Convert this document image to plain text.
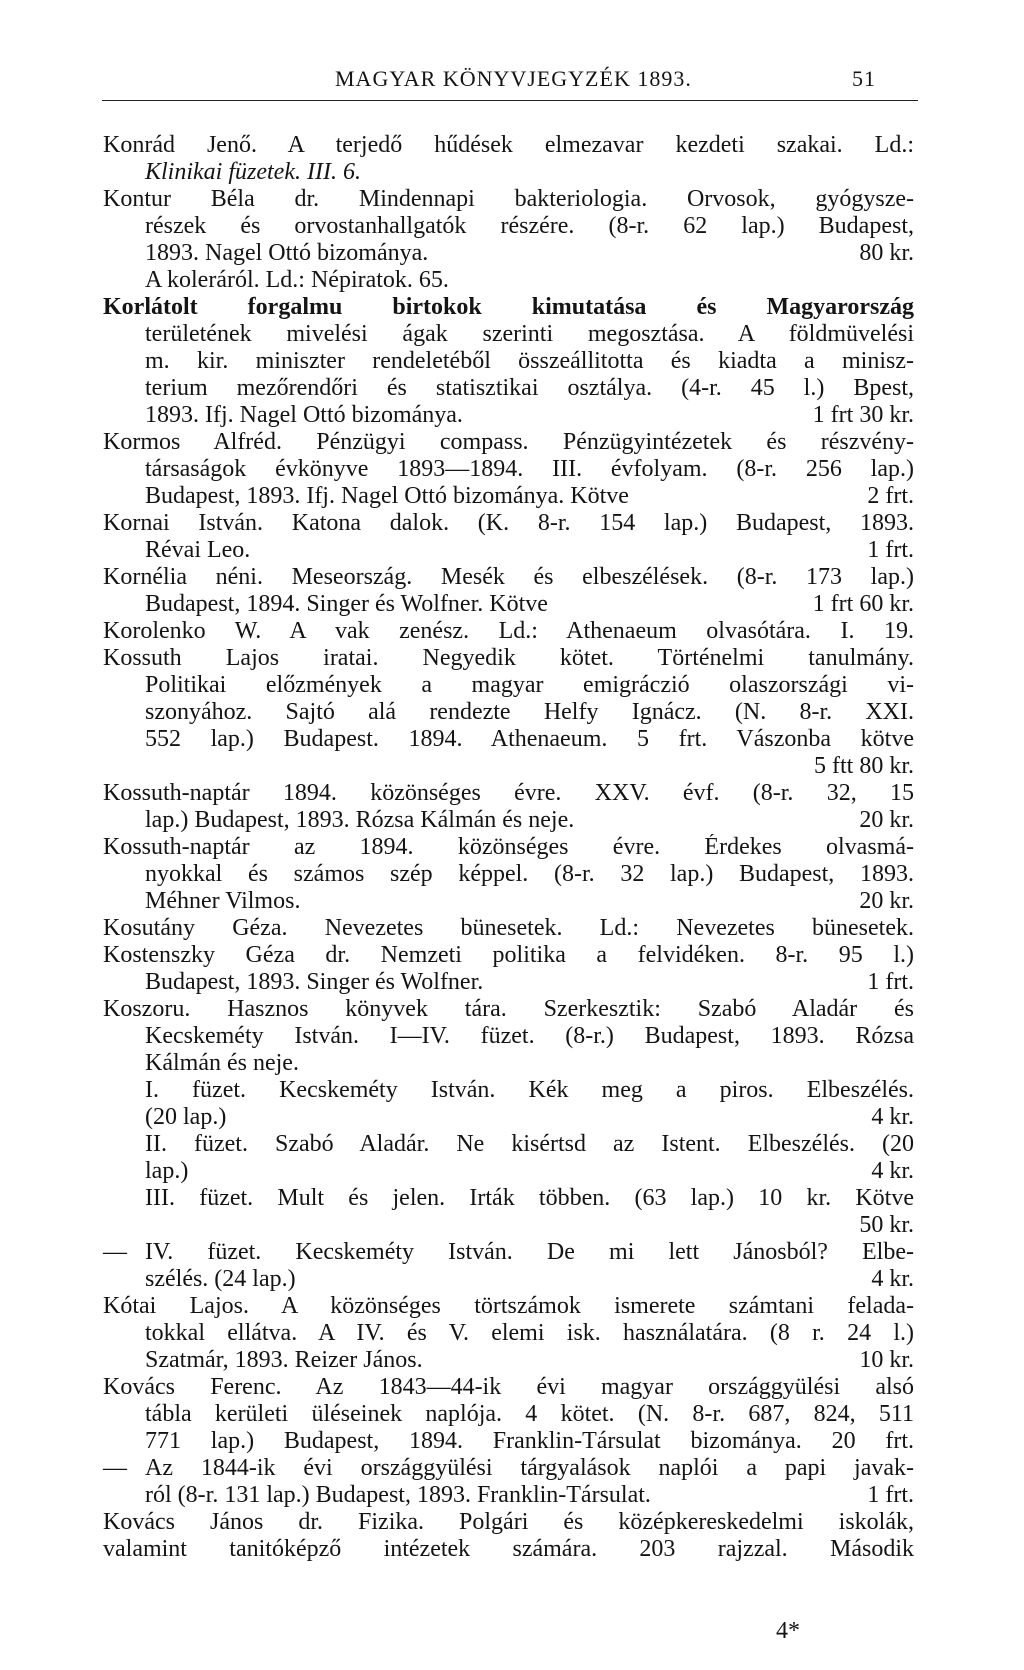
MAGYAR KÖNYVJEGYZÉK 1893.	51
Konrád Jenő. A terjedő hűdések elmezavar kezdeti szakai. Ld.:
Klinikai füzetek. III. 6.
Kontur Béla dr. Mindennapi bakteriologia. Orvosok, gyógysze-
részek és orvostanhallgatók részére. (8-r. 62 lap.) Budapest,
1893. Nagel Ottó bizománya.	80 kr.
A koleráról. Ld.: Népiratok. 65.
Korlátolt forgalmu birtokok kimutatása és Magyarország
területének mivelési ágak szerinti megosztása. A földmüvelési
m. kir. miniszter rendeletéből összeállitotta és kiadta a minisz-
terium mezőrendőri és statisztikai osztálya. (4-r. 45 l.) Bpest,
1893. Ifj. Nagel Ottó bizománya.	1 frt 30 kr.
Kormos Alfréd. Pénzügyi compass. Pénzügyintézetek és részvény-
társaságok évkönyve 1893—1894. III. évfolyam. (8-r. 256 lap.)
Budapest, 1893. Ifj. Nagel Ottó bizománya. Kötve	2 frt.
Kornai István. Katona dalok. (K. 8-r. 154 lap.) Budapest, 1893.
Révai Leo.	1 frt.
Kornélia néni. Meseország. Mesék és elbeszélések. (8-r. 173 lap.)
Budapest, 1894. Singer és Wolfner. Kötve	1 frt 60 kr.
Korolenko W. A vak zenész. Ld.: Athenaeum olvasótára. I. 19.
Kossuth Lajos iratai. Negyedik kötet. Történelmi tanulmány.
Politikai előzmények a magyar emigráczió olaszországi vi-
szonyához. Sajtó alá rendezte Helfy Ignácz. (N. 8-r. XXI.
552 lap.) Budapest. 1894. Athenaeum. 5 frt. Vászonba kötve
5 ftt 80 kr.
Kossuth-naptár 1894. közönséges évre. XXV. évf. (8-r. 32, 15
lap.) Budapest, 1893. Rózsa Kálmán és neje.	20 kr.
Kossuth-naptár az 1894. közönséges évre. Érdekes olvasmá-
nyokkal és számos szép képpel. (8-r. 32 lap.) Budapest, 1893.
Méhner Vilmos.	20 kr.
Kosutány Géza. Nevezetes bünesetek. Ld.: Nevezetes bünesetek.
Kostenszky Géza dr. Nemzeti politika a felvidéken. 8-r. 95 l.)
Budapest, 1893. Singer és Wolfner.	1 frt.
Koszoru. Hasznos könyvek tára. Szerkesztik: Szabó Aladár és
Kecskeméty István. I—IV. füzet. (8-r.) Budapest, 1893. Rózsa
Kálmán és neje.
I. füzet. Kecskeméty István. Kék meg a piros. Elbeszélés.
(20 lap.)	4 kr.
II. füzet. Szabó Aladár. Ne kisértsd az Istent. Elbeszélés. (20
lap.)	4 kr.
III. füzet. Mult és jelen. Irták többen. (63 lap.) 10 kr. Kötve
50 kr.
— IV. füzet. Kecskeméty István. De mi lett Jánosból? Elbe-
szélés. (24 lap.)	4 kr.
Kótai Lajos. A közönséges törtszámok ismerete számtani felada-
tokkal ellátva. A IV. és V. elemi isk. használatára. (8 r. 24 l.)
Szatmár, 1893. Reizer János.	10 kr.
Kovács Ferenc. Az 1843—44-ik évi magyar országgyülési alsó
tábla kerületi üléseinek naplója. 4 kötet. (N. 8-r. 687, 824, 511
771 lap.) Budapest, 1894. Franklin-Társulat bizománya. 20 frt.
— Az 1844-ik évi országgyülési tárgyalások naplói a papi javak-
ról (8-r. 131 lap.) Budapest, 1893. Franklin-Társulat.	1 frt.
Kovács János dr. Fizika. Polgári és középkereskedelmi iskolák,
valamint tanitóképző intézetek számára. 203 rajzzal. Második
4*
